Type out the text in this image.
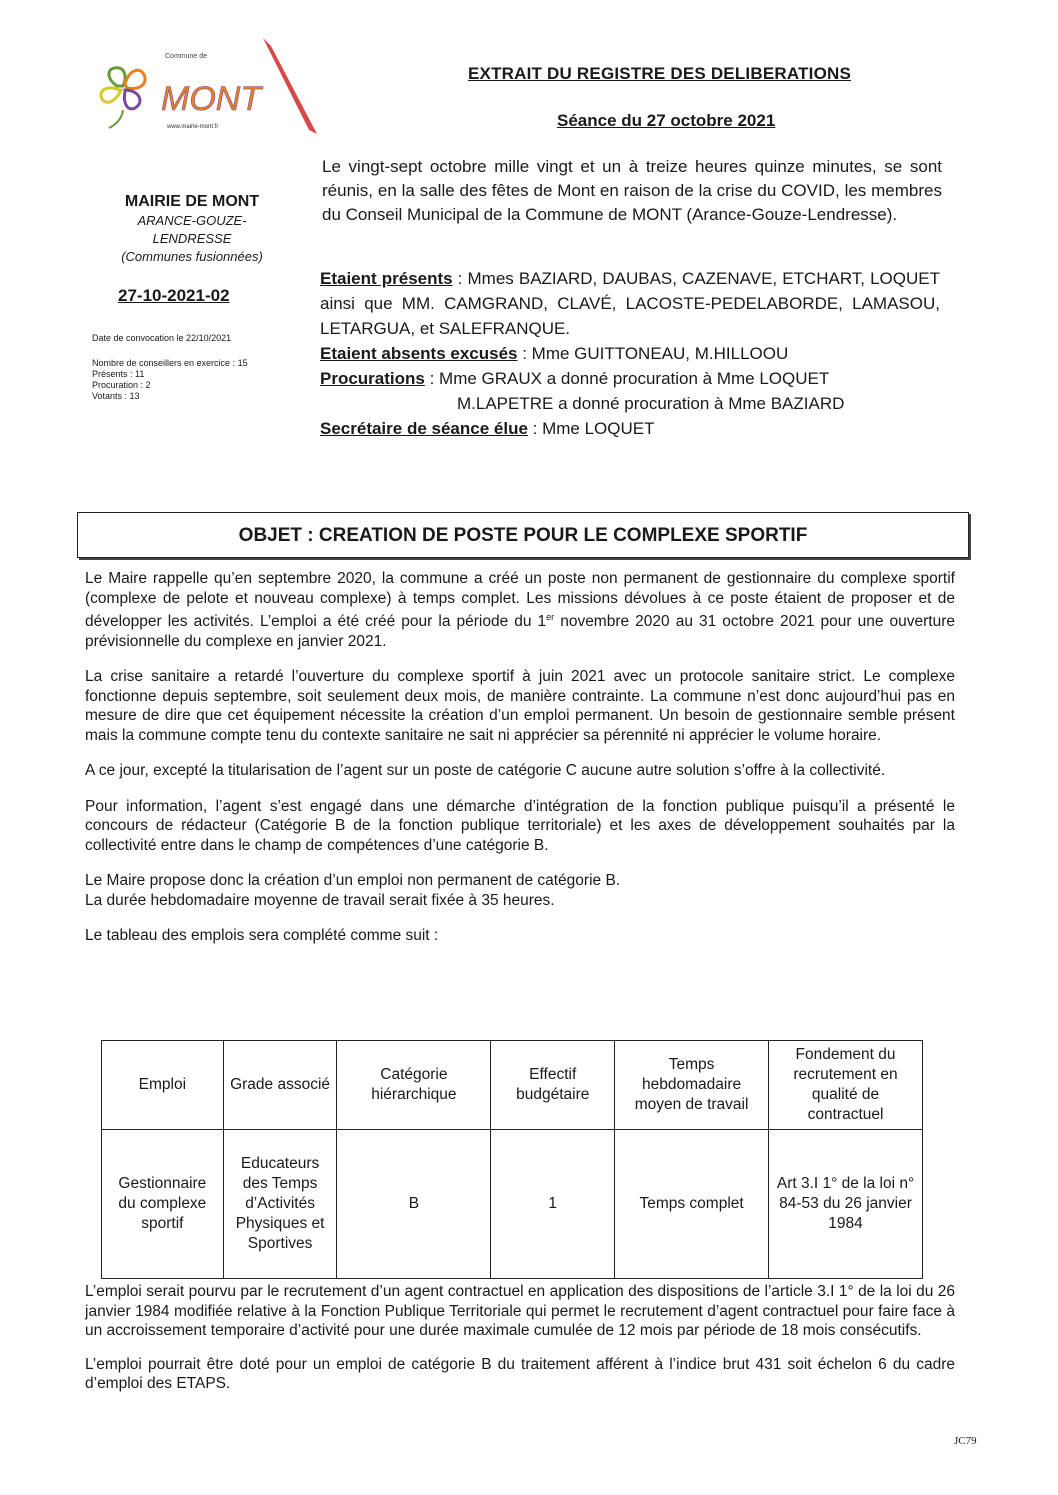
Commune de
MONT
www.mairie-mont.fr
EXTRAIT DU REGISTRE DES DELIBERATIONS
Séance du 27 octobre 2021
MAIRIE DE MONT
ARANCE-GOUZE-
LENDRESSE
(Communes fusionnées)
27-10-2021-02
Date de convocation le 22/10/2021
Nombre de conseillers en exercice : 15
Présents : 11
Procuration : 2
Votants : 13
Le vingt-sept octobre mille vingt et un à treize heures quinze minutes, se sont réunis, en la salle des fêtes de Mont en raison de la crise du COVID, les membres du Conseil Municipal de la Commune de MONT (Arance-Gouze-Lendresse).

Etaient présents : Mmes BAZIARD, DAUBAS, CAZENAVE, ETCHART, LOQUET ainsi que MM. CAMGRAND, CLAVÉ, LACOSTE-PEDELABORDE, LAMASOU, LETARGUA, et SALEFRANQUE.

Etaient absents excusés : Mme GUITTONEAU, M.HILLOOU

Procurations : Mme GRAUX a donné procuration à Mme LOQUET

M.LAPETRE a donné procuration à Mme BAZIARD

Secrétaire de séance élue : Mme LOQUET

OBJET : CREATION DE POSTE POUR LE COMPLEXE SPORTIF

Le Maire rappelle qu’en septembre 2020, la commune a créé un poste non permanent de gestionnaire du complexe sportif (complexe de pelote et nouveau complexe) à temps complet. Les missions dévolues à ce poste étaient de proposer et de développer les activités. L’emploi a été créé pour la période du 1er novembre 2020 au 31 octobre 2021 pour une ouverture prévisionnelle du complexe en janvier 2021.

La crise sanitaire a retardé l’ouverture du complexe sportif à juin 2021 avec un protocole sanitaire strict. Le complexe fonctionne depuis septembre, soit seulement deux mois, de manière contrainte. La commune n’est donc aujourd’hui pas en mesure de dire que cet équipement nécessite la création d’un emploi permanent. Un besoin de gestionnaire semble présent mais la commune compte tenu du contexte sanitaire ne sait ni apprécier sa pérennité ni apprécier le volume horaire.

A ce jour, excepté la titularisation de l’agent sur un poste de catégorie C aucune autre solution s’offre à la collectivité.

Pour information, l’agent s’est engagé dans une démarche d’intégration de la fonction publique puisqu’il a présenté le concours de rédacteur (Catégorie B de la fonction publique territoriale) et les axes de développement souhaités par la collectivité entre dans le champ de compétences d’une catégorie B.

Le Maire propose donc la création d’un emploi non permanent de catégorie B.

La durée hebdomadaire moyenne de travail serait fixée à 35 heures.

Le tableau des emplois sera complété comme suit :

Emploi	Grade associé	Catégorie hiérarchique	Effectif budgétaire	Temps hebdomadaire moyen de travail	Fondement du recrutement en qualité de contractuel
Gestionnaire du complexe sportif	Educateurs des Temps d’Activités Physiques et Sportives	B	1	Temps complet	Art 3.I 1° de la loi n° 84-53 du 26 janvier 1984

L’emploi serait pourvu par le recrutement d’un agent contractuel en application des dispositions de l’article 3.I 1° de la loi du 26 janvier 1984 modifiée relative à la Fonction Publique Territoriale qui permet le recrutement d’agent contractuel pour faire face à un accroissement temporaire d’activité pour une durée maximale cumulée de 12 mois par période de 18 mois consécutifs.

L’emploi pourrait être doté pour un emploi de catégorie B du traitement afférent à l’indice brut 431 soit échelon 6 du cadre d’emploi des ETAPS.

JC79
